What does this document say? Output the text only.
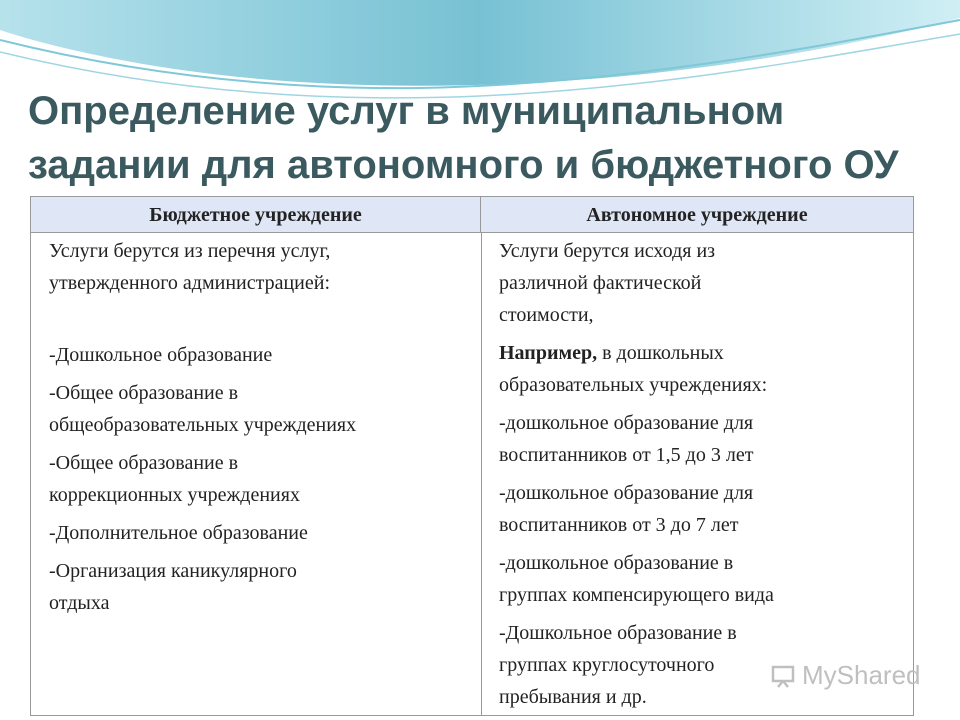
Определение услуг в муниципальном
задании для автономного и бюджетного ОУ
Бюджетное учреждение	Автономное учреждение

Услуги берутся из перечня услуг,

утвержденного администрацией:

-Дошкольное образование

-Общее образование в

общеобразовательных учреждениях

-Общее образование в

коррекционных учреждениях

-Дополнительное образование

-Организация каникулярного

отдыха

Услуги берутся исходя из

различной фактической

стоимости,

Например, в дошкольных

образовательных учреждениях:

-дошкольное образование для

воспитанников от 1,5 до 3 лет

-дошкольное образование для

воспитанников от 3 до 7 лет

-дошкольное образование в

группах компенсирующего вида

-Дошкольное образование в

группах круглосуточного

пребывания и др.

MyShared
